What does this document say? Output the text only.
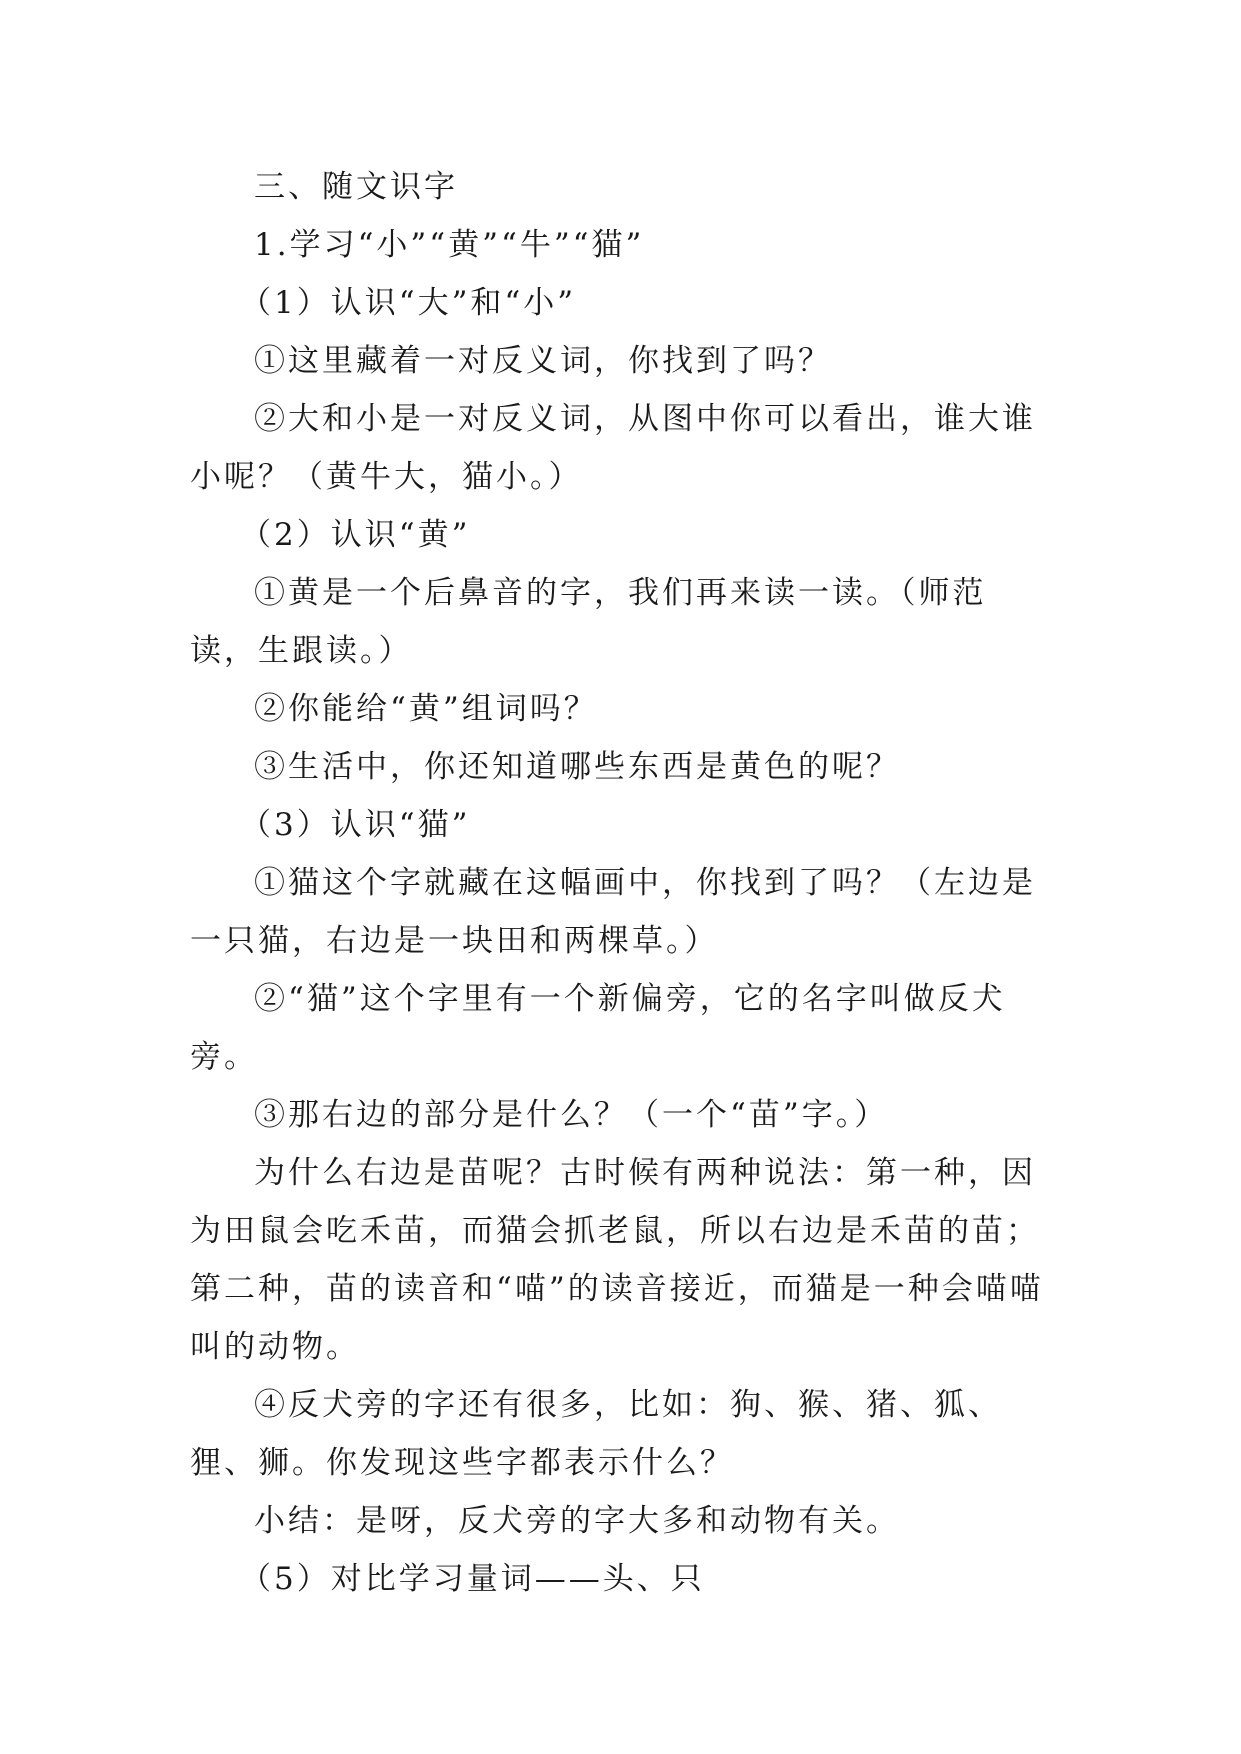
三、随文识字

1.学习“小”“黄”“牛”“猫”

（1）认识“大”和“小”

①这里藏着一对反义词，你找到了吗？

②大和小是一对反义词，从图中你可以看出，谁大谁小呢？（黄牛大，猫小。）

（2）认识“黄”

①黄是一个后鼻音的字，我们再来读一读。（师范读，生跟读。）

②你能给“黄”组词吗？

③生活中，你还知道哪些东西是黄色的呢？

（3）认识“猫”

①猫这个字就藏在这幅画中，你找到了吗？（左边是一只猫，右边是一块田和两棵草。）

②“猫”这个字里有一个新偏旁，它的名字叫做反犬旁。

③那右边的部分是什么？（一个“苗”字。）

为什么右边是苗呢？古时候有两种说法：第一种，因为田鼠会吃禾苗，而猫会抓老鼠，所以右边是禾苗的苗；第二种，苗的读音和“喵”的读音接近，而猫是一种会喵喵叫的动物。

④反犬旁的字还有很多，比如：狗、猴、猪、狐、狸、狮。你发现这些字都表示什么？

小结：是呀，反犬旁的字大多和动物有关。

（5）对比学习量词——头、只
